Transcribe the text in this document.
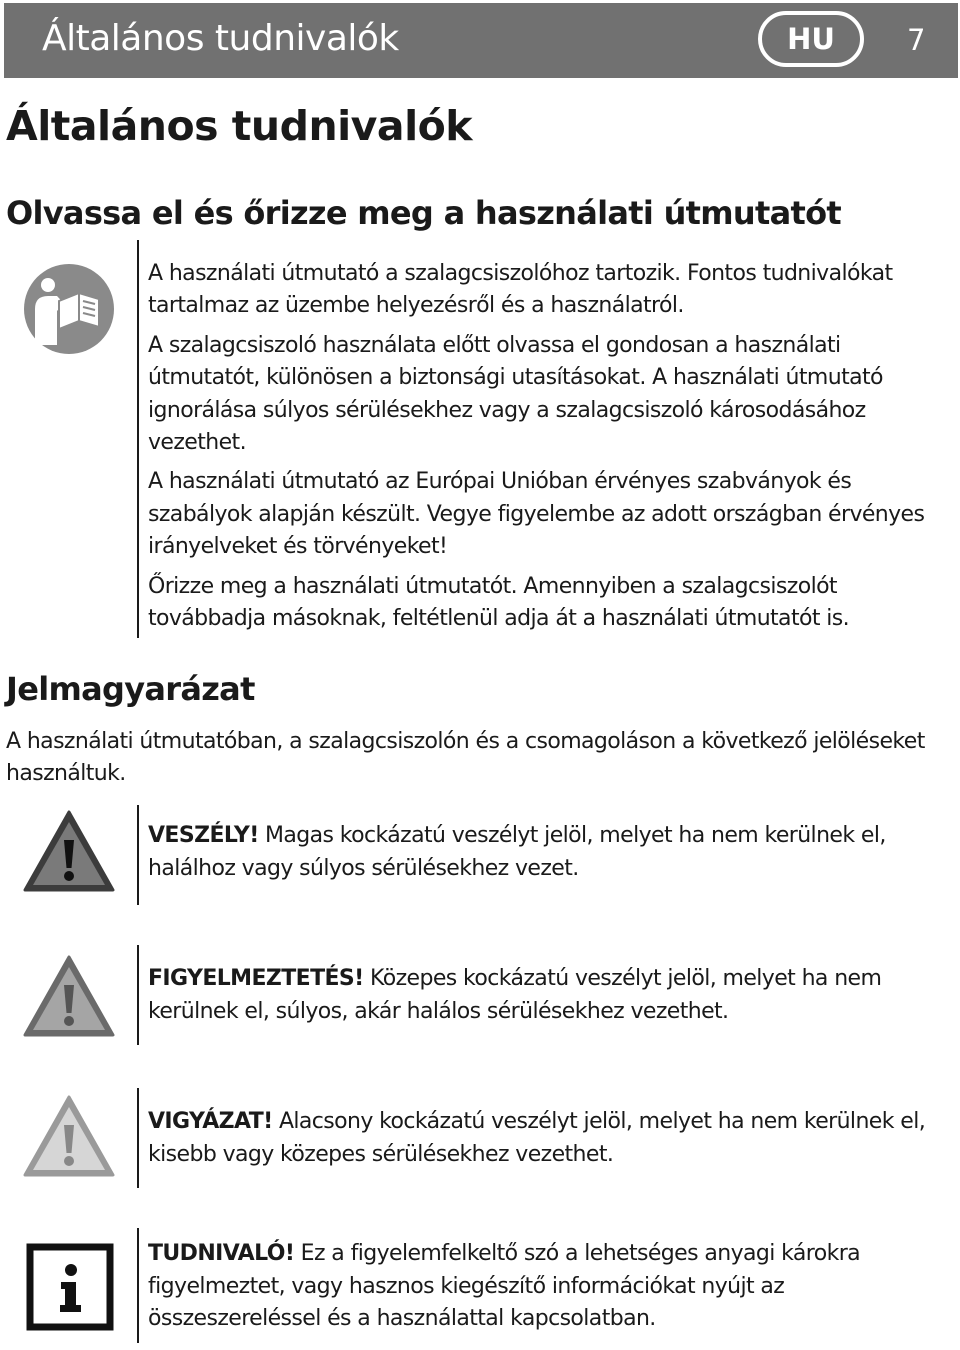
Általános tudnivalók	HU 7
Általános tudnivalók
Olvassa el és őrizze meg a használati útmutatót

A használati útmutató a szalagcsiszolóhoz tartozik. Fontos tudnivalókat tartalmaz az üzembe helyezésről és a használatról.

A szalagcsiszoló használata előtt olvassa el gondosan a használati útmutatót, különösen a biztonsági utasításokat. A használati útmutató ignorálása súlyos sérülésekhez vagy a szalagcsiszoló károsodásához vezethet.

A használati útmutató az Európai Unióban érvényes szabványok és szabályok alapján készült. Vegye figyelembe az adott országban érvényes irányelveket és törvényeket!

Őrizze meg a használati útmutatót. Amennyiben a szalagcsiszolót továbbadja másoknak, feltétlenül adja át a használati útmutatót is.

Jelmagyarázat

A használati útmutatóban, a szalagcsiszolón és a csomagoláson a következő jelöléseket használtuk.

VESZÉLY! Magas kockázatú veszélyt jelöl, melyet ha nem kerülnek el, halálhoz vagy súlyos sérülésekhez vezet.

FIGYELMEZTETÉS! Közepes kockázatú veszélyt jelöl, melyet ha nem kerülnek el, súlyos, akár halálos sérülésekhez vezethet.

VIGYÁZAT! Alacsony kockázatú veszélyt jelöl, melyet ha nem kerülnek el, kisebb vagy közepes sérülésekhez vezethet.

TUDNIVALÓ! Ez a figyelemfelkeltő szó a lehetséges anyagi károkra figyelmeztet, vagy hasznos kiegészítő információkat nyújt az összeszereléssel és a használattal kapcsolatban.
